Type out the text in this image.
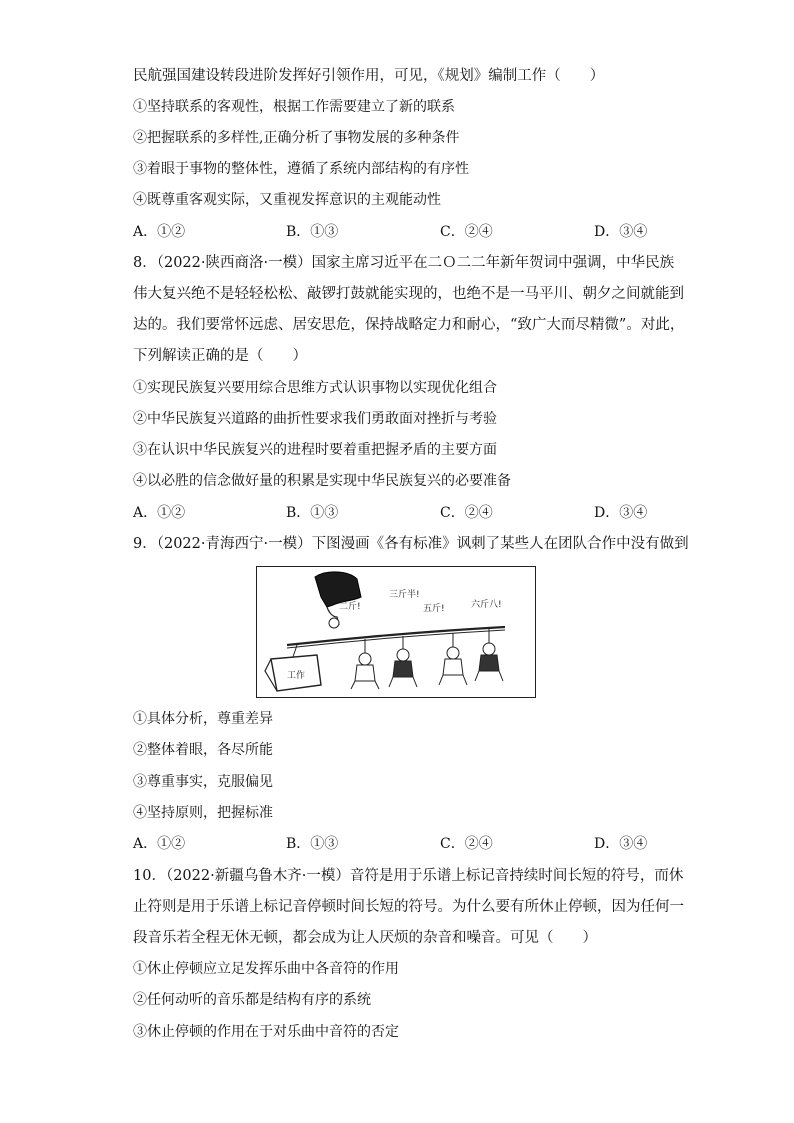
民航强国建设转段进阶发挥好引领作用，可见，《规划》编制工作（　　）
①坚持联系的客观性，根据工作需要建立了新的联系
②把握联系的多样性,正确分析了事物发展的多种条件
③着眼于事物的整体性，遵循了系统内部结构的有序性
④既尊重客观实际，又重视发挥意识的主观能动性
A．①②	B．①③	C．②④	D．③④
8．（2022·陕西商洛·一模）国家主席习近平在二Ｏ二二年新年贺词中强调，中华民族
伟大复兴绝不是轻轻松松、敲锣打鼓就能实现的，也绝不是一马平川、朝夕之间就能到
达的。我们要常怀远虑、居安思危，保持战略定力和耐心，“致广大而尽精微”。对此，
下列解读正确的是（　　）
①实现民族复兴要用综合思维方式认识事物以实现优化组合
②中华民族复兴道路的曲折性要求我们勇敢面对挫折与考验
③在认识中华民族复兴的进程时要着重把握矛盾的主要方面
④以必胜的信念做好量的积累是实现中华民族复兴的必要准备
A．①②	B．①③	C．②④	D．③④
9．（2022·青海西宁·一模）下图漫画《各有标准》讽刺了某些人在团队合作中没有做到
工作
二斤!
三斤半!
五斤!	六斤八!
①具体分析，尊重差异
②整体着眼，各尽所能
③尊重事实，克服偏见
④坚持原则，把握标准
A．①②	B．①③	C．②④	D．③④
10．（2022·新疆乌鲁木齐·一模）音符是用于乐谱上标记音持续时间长短的符号，而休
止符则是用于乐谱上标记音停顿时间长短的符号。为什么要有所休止停顿，因为任何一
段音乐若全程无休无顿，都会成为让人厌烦的杂音和噪音。可见（　　）
①休止停顿应立足发挥乐曲中各音符的作用
②任何动听的音乐都是结构有序的系统
③休止停顿的作用在于对乐曲中音符的否定
